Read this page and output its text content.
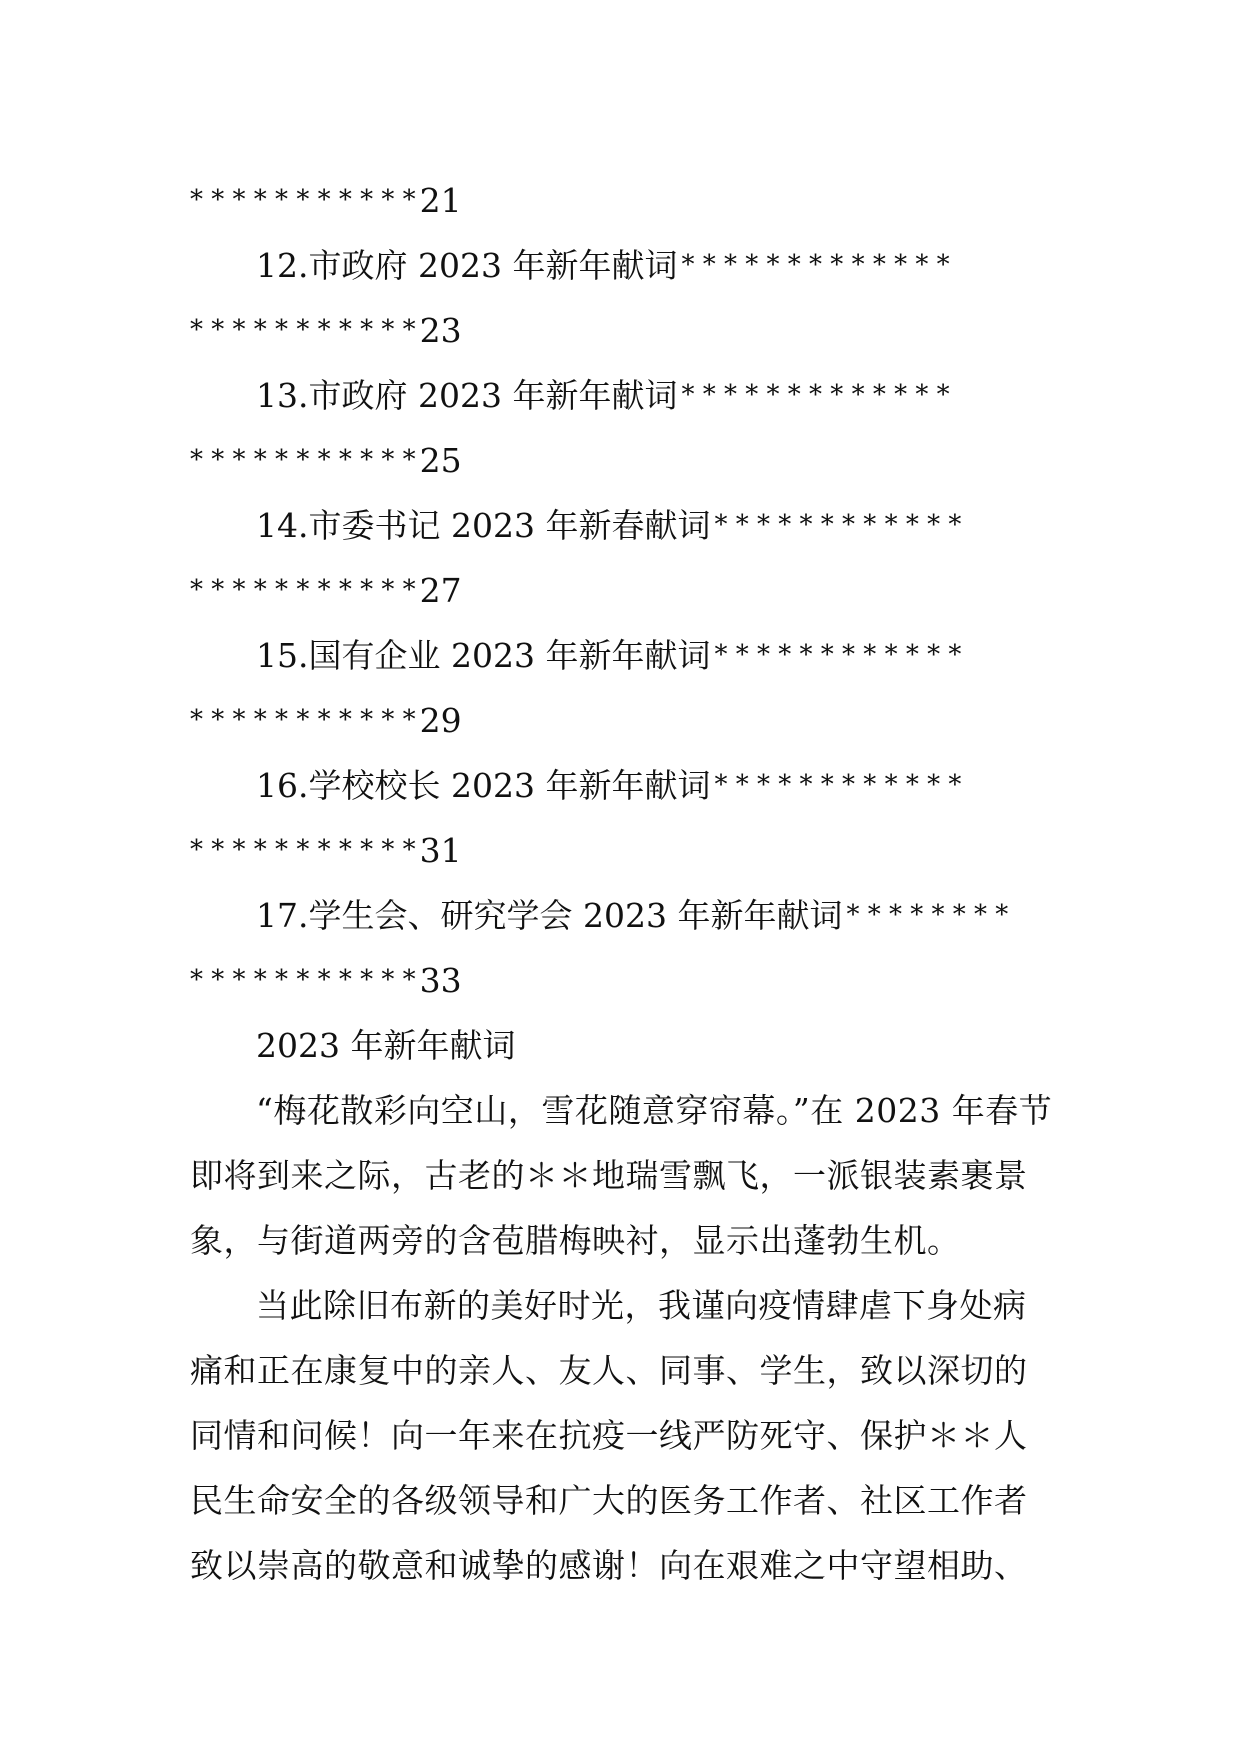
* * * * * * * * * * * 21
12.市政府 2023 年新年献词 * * * * * * * * * * * * *
* * * * * * * * * * * 23
13.市政府 2023 年新年献词 * * * * * * * * * * * * *
* * * * * * * * * * * 25
14.市委书记 2023 年新春献词 * * * * * * * * * * * *
* * * * * * * * * * * 27
15.国有企业 2023 年新年献词 * * * * * * * * * * * *
* * * * * * * * * * * 29
16.学校校长 2023 年新年献词 * * * * * * * * * * * *
* * * * * * * * * * * 31
17.学生会、研究学会 2023 年新年献词 * * * * * * * *
* * * * * * * * * * * 33
2023 年新年献词
“梅花散彩向空山，雪花随意穿帘幕。”在 2023 年春节
即将到来之际，古老的＊＊地瑞雪飘飞，一派银装素裹景
象，与街道两旁的含苞腊梅映衬，显示出蓬勃生机。
当此除旧布新的美好时光，我谨向疫情肆虐下身处病
痛和正在康复中的亲人、友人、同事、学生，致以深切的
同情和问候！向一年来在抗疫一线严防死守、保护＊＊人
民生命安全的各级领导和广大的医务工作者、社区工作者
致以崇高的敬意和诚挚的感谢！向在艰难之中守望相助、
